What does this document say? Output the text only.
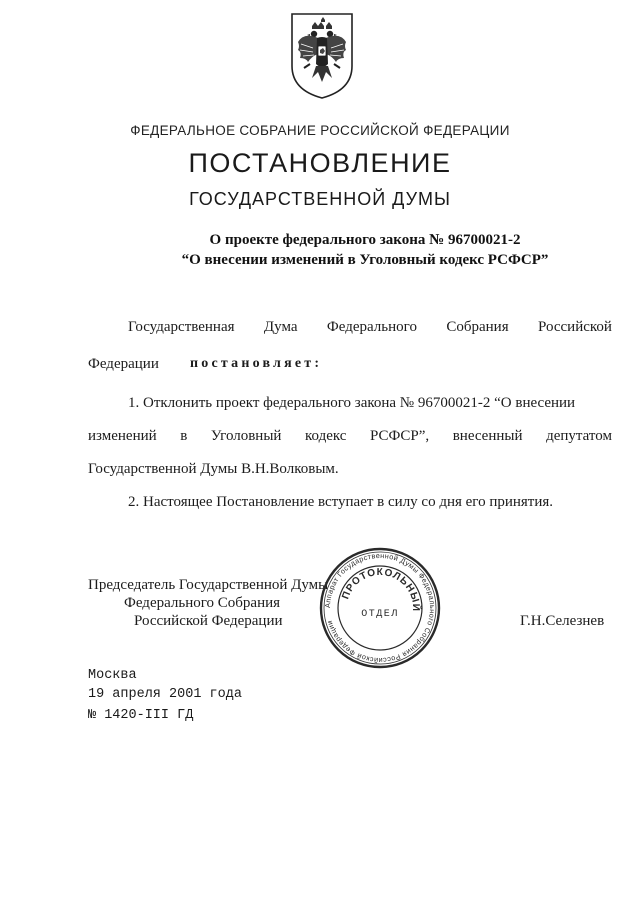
ФЕДЕРАЛЬНОЕ СОБРАНИЕ РОССИЙСКОЙ ФЕДЕРАЦИИ
ПОСТАНОВЛЕНИЕ
ГОСУДАРСТВЕННОЙ ДУМЫ
О проекте федерального закона № 96700021-2
“О внесении изменений в Уголовный кодекс РСФСР”
Государственная Дума Федерального Собрания Российской
Федерации постановляет:
1. Отклонить проект федерального закона № 96700021-2 “О внесении
изменений в Уголовный кодекс РСФСР”, внесенный депутатом
Государственной Думы В.Н.Волковым.
2. Настоящее Постановление вступает в силу со дня его принятия.
Председатель Государственной Думы
Федерального Собрания
Российской Федерации	Г.Н.Селезнев
Аппарат Государственной Думы Федерального Собрания Российской Федерации
ПРОТОКОЛЬНЫЙ
ОТДЕЛ
Москва
19 апреля 2001 года
№ 1420-III ГД
